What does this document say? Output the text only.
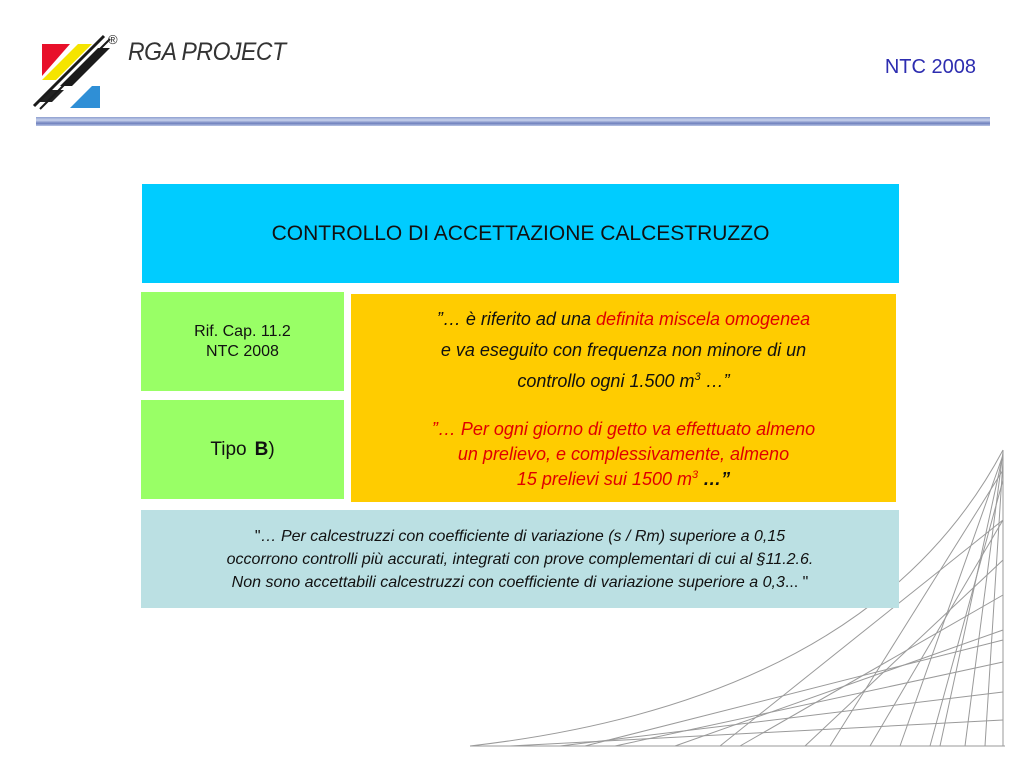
® RGA PROJECT
NTC 2008
CONTROLLO DI ACCETTAZIONE CALCESTRUZZO
Rif. Cap. 11.2
NTC 2008
Tipo B )
”… è riferito ad una definita miscela omogenea
e va eseguito con frequenza non minore di un
controllo ogni 1.500 $m^3$ …”
”… Per ogni giorno di getto va effettuato almeno
un prelievo, e complessivamente, almeno
15 prelievi sui 1500 $m^3$ …”
"… Per calcestruzzi con coefficiente di variazione (s / Rm) superiore a 0,15
occorrono controlli più accurati, integrati con prove complementari di cui al §11.2.6.
Non sono accettabili calcestruzzi con coefficiente di variazione superiore a 0,3... "
